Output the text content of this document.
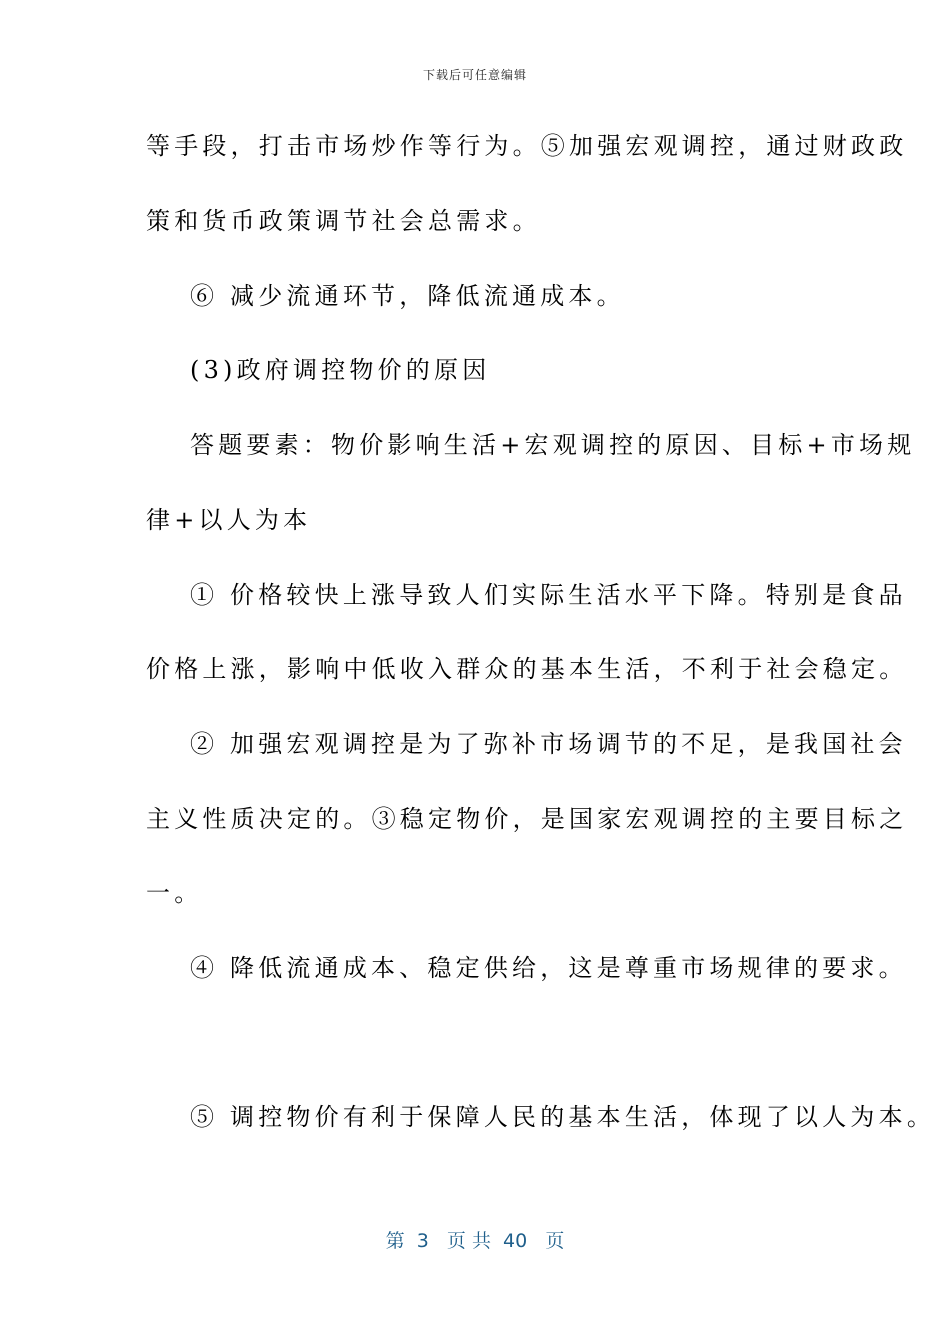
下载后可任意编辑
等手段，打击市场炒作等行为。⑤加强宏观调控，通过财政政
策和货币政策调节社会总需求。
⑥ 减少流通环节，降低流通成本。
(3)政府调控物价的原因
答题要素：物价影响生活+宏观调控的原因、目标+市场规
律+以人为本
① 价格较快上涨导致人们实际生活水平下降。特别是食品
价格上涨，影响中低收入群众的基本生活，不利于社会稳定。
② 加强宏观调控是为了弥补市场调节的不足，是我国社会
主义性质决定的。③稳定物价，是国家宏观调控的主要目标之
一。
④ 降低流通成本、稳定供给，这是尊重市场规律的要求。
⑤ 调控物价有利于保障人民的基本生活，体现了以人为本。
第  3   页 共  40   页
